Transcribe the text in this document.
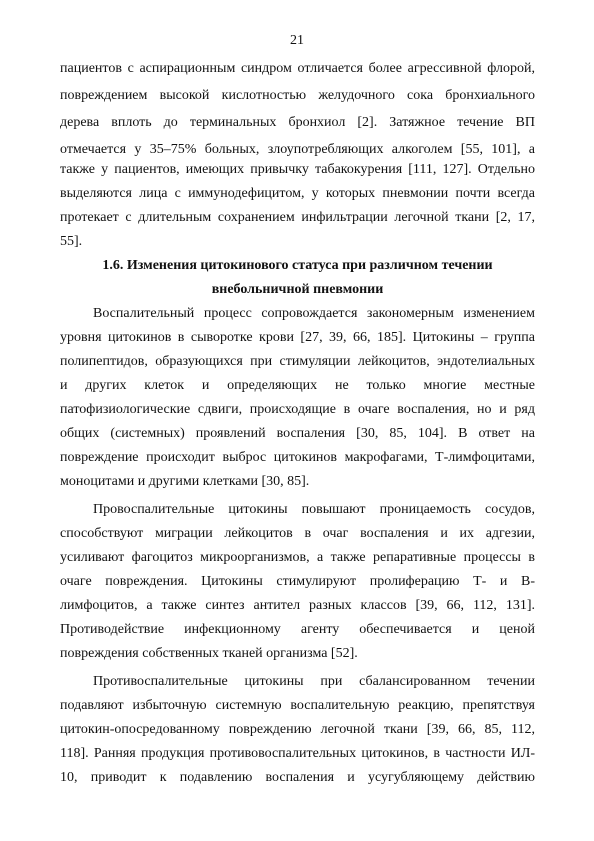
21
пациентов с аспирационным синдром отличается более агрессивной флорой,
повреждением высокой кислотностью желудочного сока бронхиального
дерева вплоть до терминальных бронхиол [2]. Затяжное течение ВП
отмечается у 35–75% больных, злоупотребляющих алкоголем [55, 101], а
также у пациентов, имеющих привычку табакокурения [111, 127]. Отдельно
выделяются лица с иммунодефицитом, у которых пневмонии почти всегда
протекает с длительным сохранением инфильтрации легочной ткани [2, 17,
55].
1.6. Изменения цитокинового статуса при различном течении
внебольничной пневмонии
Воспалительный процесс сопровождается закономерным изменением
уровня цитокинов в сыворотке крови [27, 39, 66, 185]. Цитокины – группа
полипептидов, образующихся при стимуляции лейкоцитов, эндотелиальных
и других клеток и определяющих не только многие местные
патофизиологические сдвиги, происходящие в очаге воспаления, но и ряд
общих (системных) проявлений воспаления [30, 85, 104]. В ответ на
повреждение происходит выброс цитокинов макрофагами, Т-лимфоцитами,
моноцитами и другими клетками [30, 85].
Провоспалительные цитокины повышают проницаемость сосудов,
способствуют миграции лейкоцитов в очаг воспаления и их адгезии,
усиливают фагоцитоз микроорганизмов, а также репаративные процессы в
очаге повреждения. Цитокины стимулируют пролиферацию Т- и В-
лимфоцитов, а также синтез антител разных классов [39, 66, 112, 131].
Противодействие инфекционному агенту обеспечивается и ценой
повреждения собственных тканей организма [52].
Противоспалительные цитокины при сбалансированном течении
подавляют избыточную системную воспалительную реакцию, препятствуя
цитокин-опосредованному повреждению легочной ткани [39, 66, 85, 112,
118]. Ранняя продукция противовоспалительных цитокинов, в частности ИЛ-
10, приводит к подавлению воспаления и усугубляющему действию
